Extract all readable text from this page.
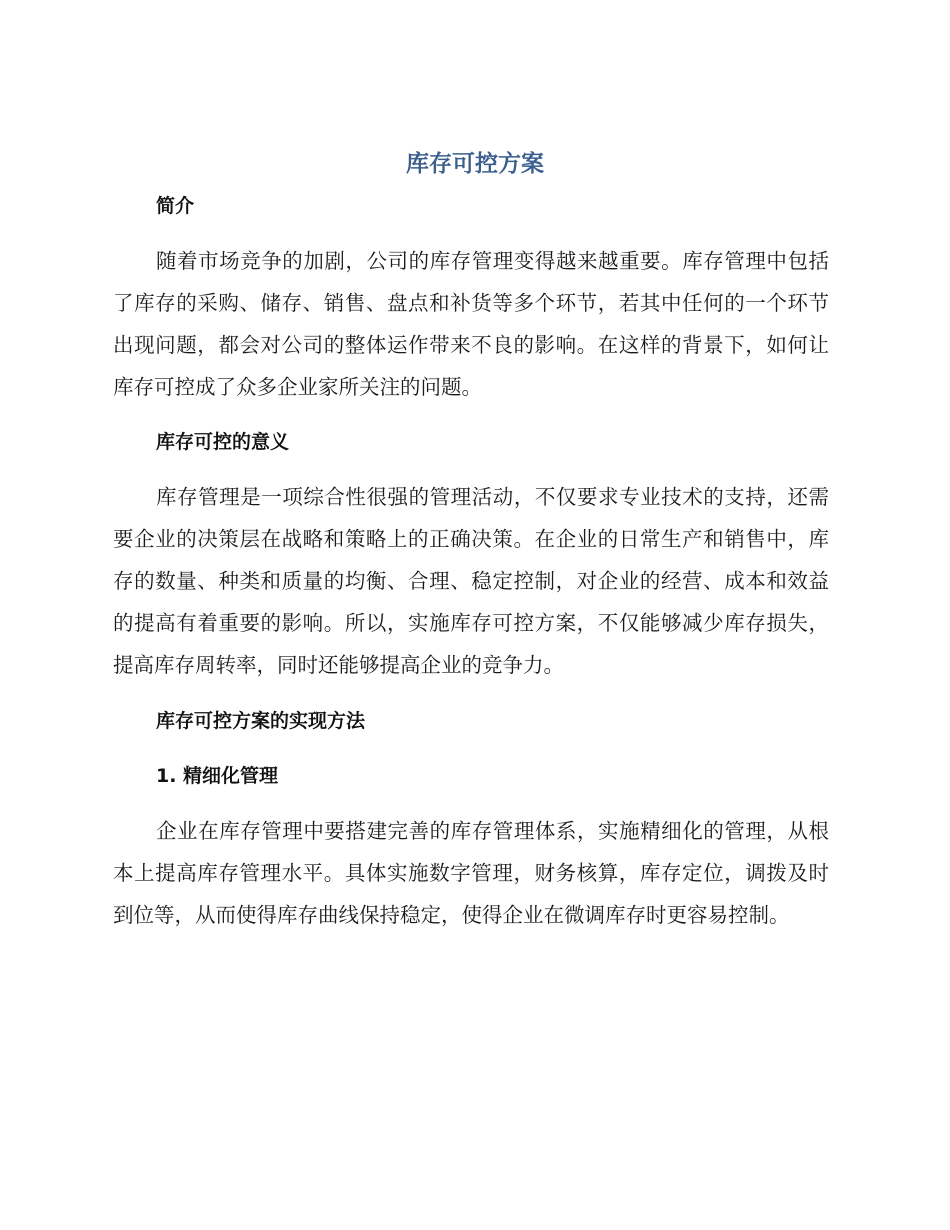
库存可控方案
简介

随着市场竞争的加剧，公司的库存管理变得越来越重要。库存管理中包括了库存的采购、储存、销售、盘点和补货等多个环节，若其中任何的一个环节出现问题，都会对公司的整体运作带来不良的影响。在这样的背景下，如何让库存可控成了众多企业家所关注的问题。

库存可控的意义

库存管理是一项综合性很强的管理活动，不仅要求专业技术的支持，还需要企业的决策层在战略和策略上的正确决策。在企业的日常生产和销售中，库存的数量、种类和质量的均衡、合理、稳定控制，对企业的经营、成本和效益的提高有着重要的影响。所以，实施库存可控方案，不仅能够减少库存损失，提高库存周转率，同时还能够提高企业的竞争力。

库存可控方案的实现方法
1. 精细化管理

企业在库存管理中要搭建完善的库存管理体系，实施精细化的管理，从根本上提高库存管理水平。具体实施数字管理，财务核算，库存定位，调拨及时到位等，从而使得库存曲线保持稳定，使得企业在微调库存时更容易控制。
